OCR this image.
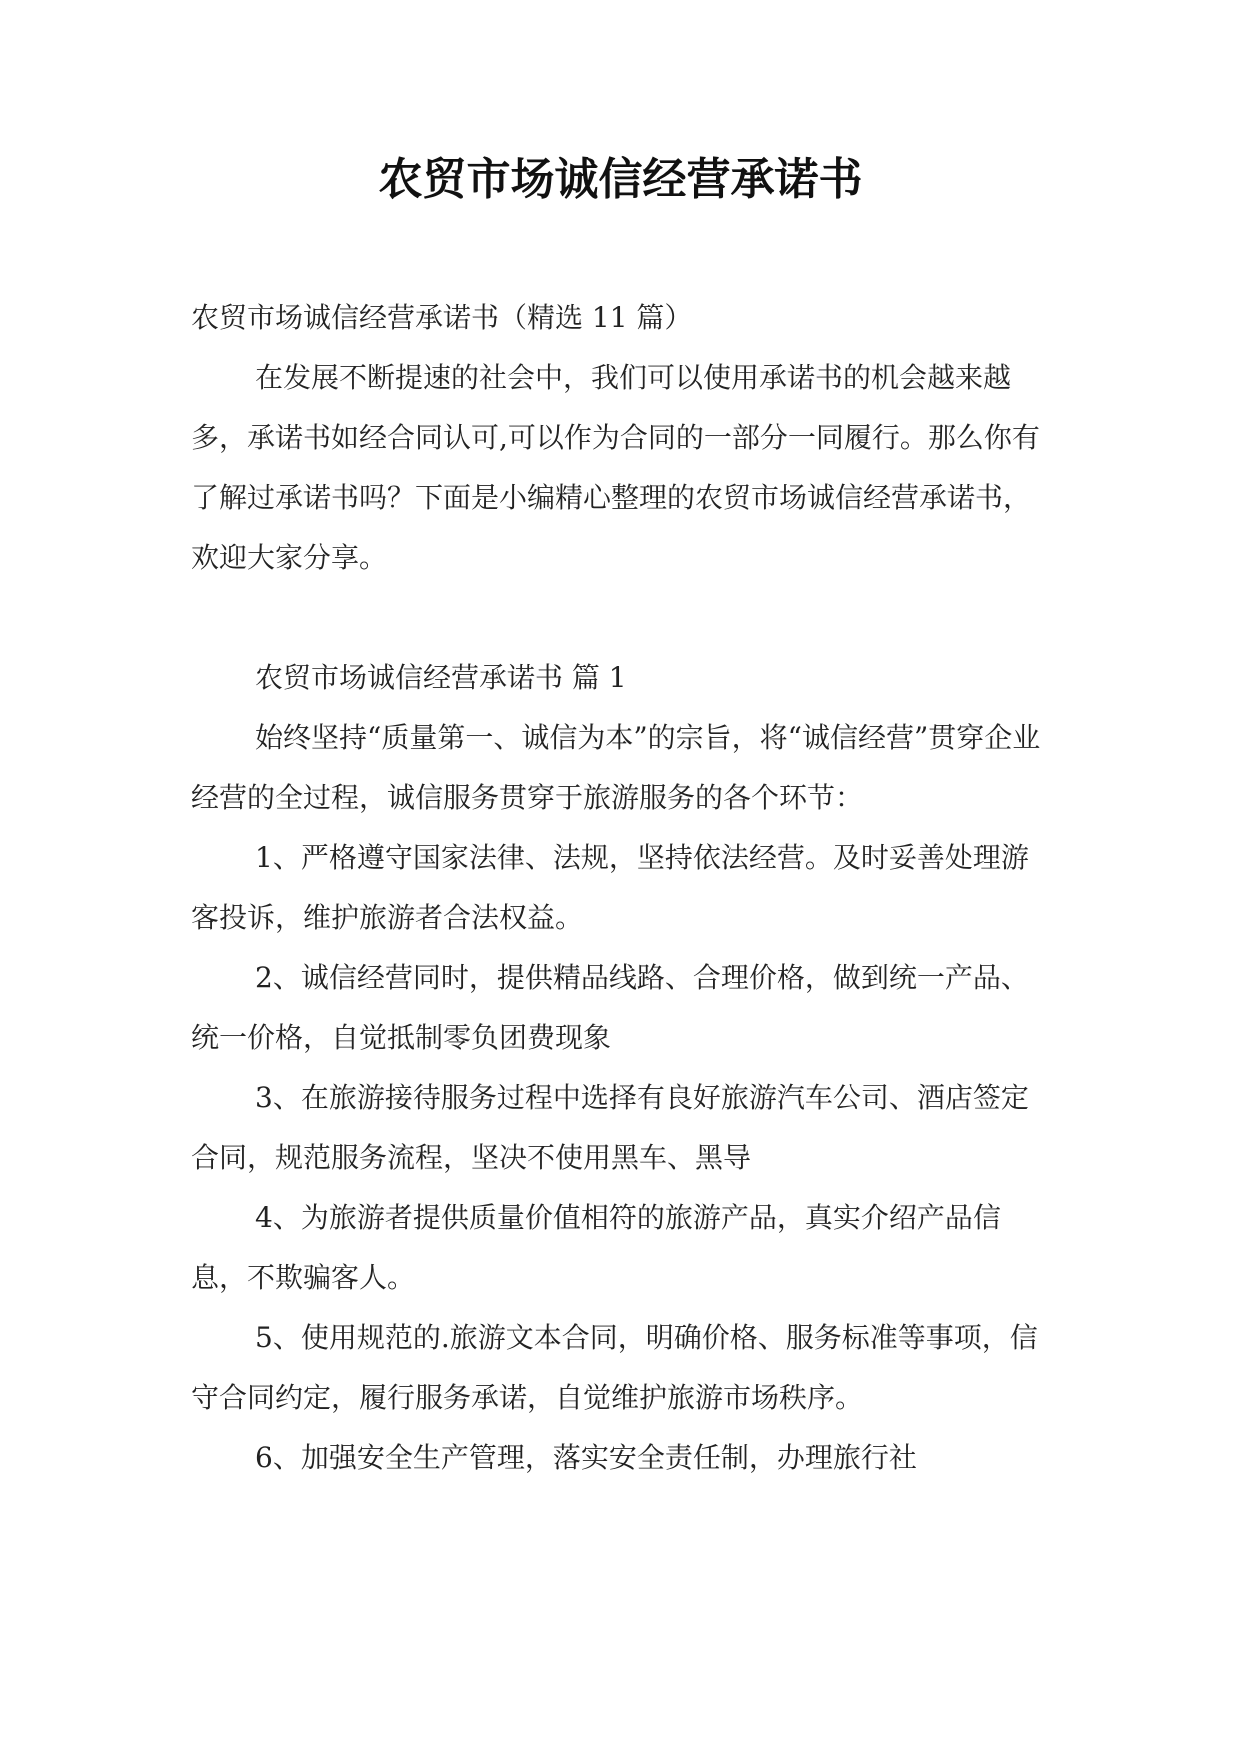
农贸市场诚信经营承诺书

农贸市场诚信经营承诺书（精选 11 篇）

在发展不断提速的社会中，我们可以使用承诺书的机会越来越多，承诺书如经合同认可,可以作为合同的一部分一同履行。那么你有了解过承诺书吗？下面是小编精心整理的农贸市场诚信经营承诺书，欢迎大家分享。

农贸市场诚信经营承诺书 篇 1

始终坚持“质量第一、诚信为本”的宗旨，将“诚信经营”贯穿企业经营的全过程，诚信服务贯穿于旅游服务的各个环节：

1、严格遵守国家法律、法规，坚持依法经营。及时妥善处理游客投诉，维护旅游者合法权益。

2、诚信经营同时，提供精品线路、合理价格，做到统一产品、统一价格，自觉抵制零负团费现象

3、在旅游接待服务过程中选择有良好旅游汽车公司、酒店签定合同，规范服务流程，坚决不使用黑车、黑导

4、为旅游者提供质量价值相符的旅游产品，真实介绍产品信息，不欺骗客人。

5、使用规范的.旅游文本合同，明确价格、服务标准等事项，信守合同约定，履行服务承诺，自觉维护旅游市场秩序。

6、加强安全生产管理，落实安全责任制，办理旅行社
